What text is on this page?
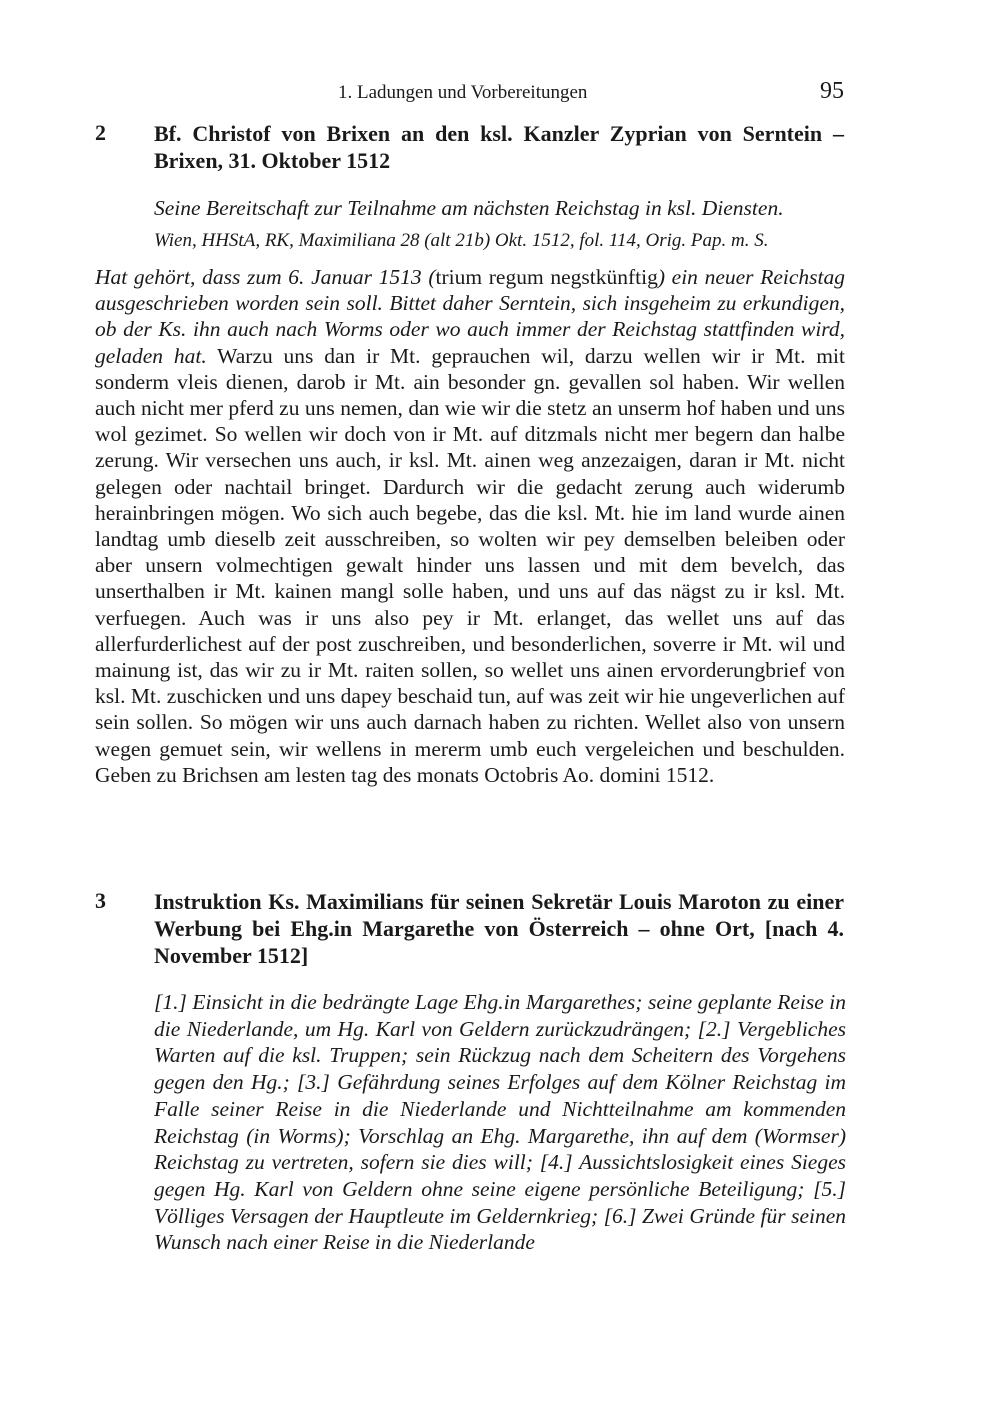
1. Ladungen und Vorbereitungen	95
2 Bf. Christof von Brixen an den ksl. Kanzler Zyprian von Serntein – Brixen, 31. Oktober 1512

Seine Bereitschaft zur Teilnahme am nächsten Reichstag in ksl. Diensten.

Wien, HHStA, RK, Maximiliana 28 (alt 21b) Okt. 1512, fol. 114, Orig. Pap. m. S.

Hat gehört, dass zum 6. Januar 1513 (trium regum negstkünftig) ein neuer Reichstag ausgeschrieben worden sein soll. Bittet daher Serntein, sich insgeheim zu erkundigen, ob der Ks. ihn auch nach Worms oder wo auch immer der Reichstag stattfinden wird, geladen hat. Warzu uns dan ir Mt. geprauchen wil, darzu wellen wir ir Mt. mit sonderm vleis dienen, darob ir Mt. ain besonder gn. gevallen sol haben. Wir wellen auch nicht mer pferd zu uns nemen, dan wie wir die stetz an unserm hof haben und uns wol gezimet. So wellen wir doch von ir Mt. auf ditzmals nicht mer begern dan halbe zerung. Wir versechen uns auch, ir ksl. Mt. ainen weg anzezaigen, daran ir Mt. nicht gelegen oder nachtail bringet. Dardurch wir die gedacht zerung auch widerumb herainbringen mögen. Wo sich auch begebe, das die ksl. Mt. hie im land wurde ainen landtag umb dieselb zeit ausschreiben, so wolten wir pey demselben beleiben oder aber unsern volmechtigen gewalt hinder uns lassen und mit dem bevelch, das unserthalben ir Mt. kainen mangl solle haben, und uns auf das nägst zu ir ksl. Mt. verfuegen. Auch was ir uns also pey ir Mt. erlanget, das wellet uns auf das allerfurderlichest auf der post zuschreiben, und besonderlichen, soverre ir Mt. wil und mainung ist, das wir zu ir Mt. raiten sollen, so wellet uns ainen ervorderungbrief von ksl. Mt. zuschicken und uns dapey beschaid tun, auf was zeit wir hie ungeverlichen auf sein sollen. So mögen wir uns auch darnach haben zu richten. Wellet also von unsern wegen gemuet sein, wir wellens in mererm umb euch vergeleichen und beschulden. Geben zu Brichsen am lesten tag des monats Octobris Ao. domini 1512.

3 Instruktion Ks. Maximilians für seinen Sekretär Louis Maroton zu einer Werbung bei Ehg.in Margarethe von Österreich – ohne Ort, [nach 4. November 1512]

[1.] Einsicht in die bedrängte Lage Ehg.in Margarethes; seine geplante Reise in die Niederlande, um Hg. Karl von Geldern zurückzudrängen; [2.] Vergebliches Warten auf die ksl. Truppen; sein Rückzug nach dem Scheitern des Vorgehens gegen den Hg.; [3.] Gefährdung seines Erfolges auf dem Kölner Reichstag im Falle seiner Reise in die Niederlande und Nichtteilnahme am kommenden Reichstag (in Worms); Vorschlag an Ehg. Margarethe, ihn auf dem (Wormser) Reichstag zu vertreten, sofern sie dies will; [4.] Aussichtslosigkeit eines Sieges gegen Hg. Karl von Geldern ohne seine eigene persönliche Beteiligung; [5.] Völliges Versagen der Hauptleute im Geldernkrieg; [6.] Zwei Gründe für seinen Wunsch nach einer Reise in die Niederlande
